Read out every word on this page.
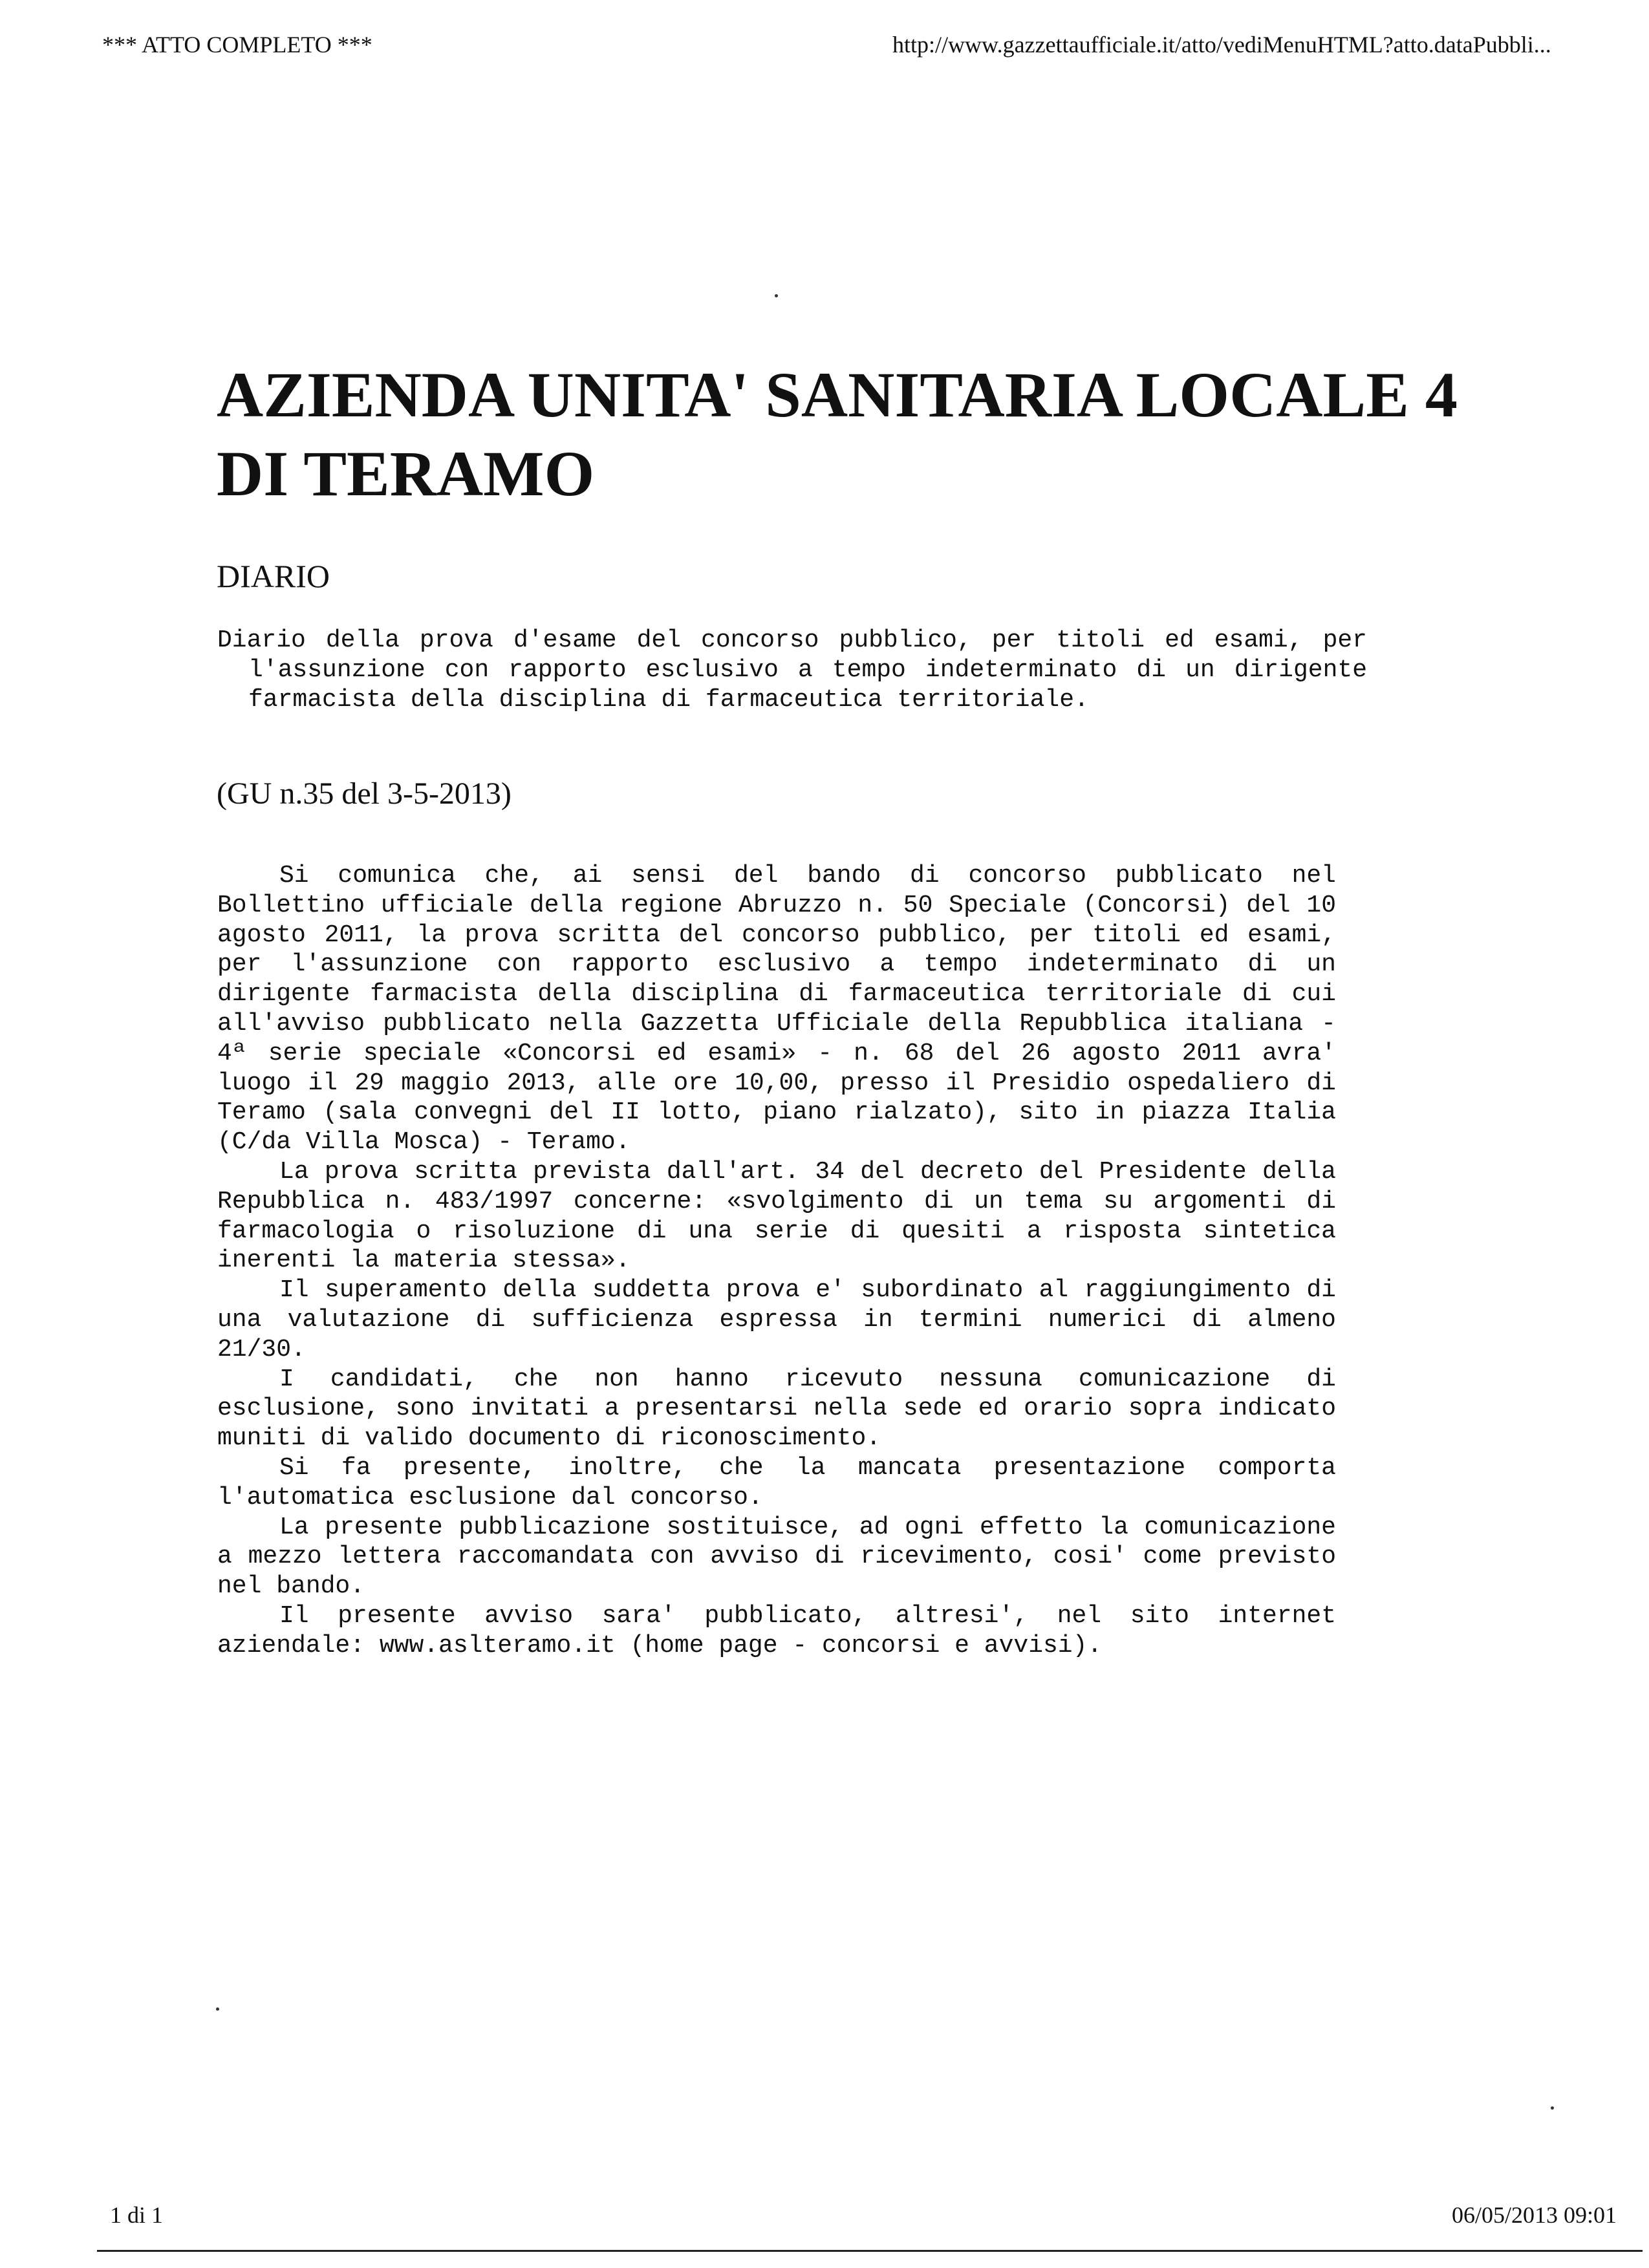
*** ATTO COMPLETO ***	http://www.gazzettaufficiale.it/atto/vediMenuHTML?atto.dataPubbli...
AZIENDA UNITA' SANITARIA LOCALE 4 DI TERAMO
DIARIO

Diario della prova d'esame del concorso pubblico, per titoli ed esami, per l'assunzione con rapporto esclusivo a tempo indeterminato di un dirigente farmacista della disciplina di farmaceutica territoriale.

(GU n.35 del 3-5-2013)

Si comunica che, ai sensi del bando di concorso pubblicato nel Bollettino ufficiale della regione Abruzzo n. 50 Speciale (Concorsi) del 10 agosto 2011, la prova scritta del concorso pubblico, per titoli ed esami, per l'assunzione con rapporto esclusivo a tempo indeterminato di un dirigente farmacista della disciplina di farmaceutica territoriale di cui all'avviso pubblicato nella Gazzetta Ufficiale della Repubblica italiana - 4ª serie speciale «Concorsi ed esami» - n. 68 del 26 agosto 2011 avra' luogo il 29 maggio 2013, alle ore 10,00, presso il Presidio ospedaliero di Teramo (sala convegni del II lotto, piano rialzato), sito in piazza Italia (C/da Villa Mosca) - Teramo.

La prova scritta prevista dall'art. 34 del decreto del Presidente della Repubblica n. 483/1997 concerne: «svolgimento di un tema su argomenti di farmacologia o risoluzione di una serie di quesiti a risposta sintetica inerenti la materia stessa».

Il superamento della suddetta prova e' subordinato al raggiungimento di una valutazione di sufficienza espressa in termini numerici di almeno 21/30.

I candidati, che non hanno ricevuto nessuna comunicazione di esclusione, sono invitati a presentarsi nella sede ed orario sopra indicato muniti di valido documento di riconoscimento.

Si fa presente, inoltre, che la mancata presentazione comporta l'automatica esclusione dal concorso.

La presente pubblicazione sostituisce, ad ogni effetto la comunicazione a mezzo lettera raccomandata con avviso di ricevimento, cosi' come previsto nel bando.

Il presente avviso sara' pubblicato, altresi', nel sito internet aziendale: www.aslteramo.it (home page - concorsi e avvisi).

1 di 1	06/05/2013 09:01
